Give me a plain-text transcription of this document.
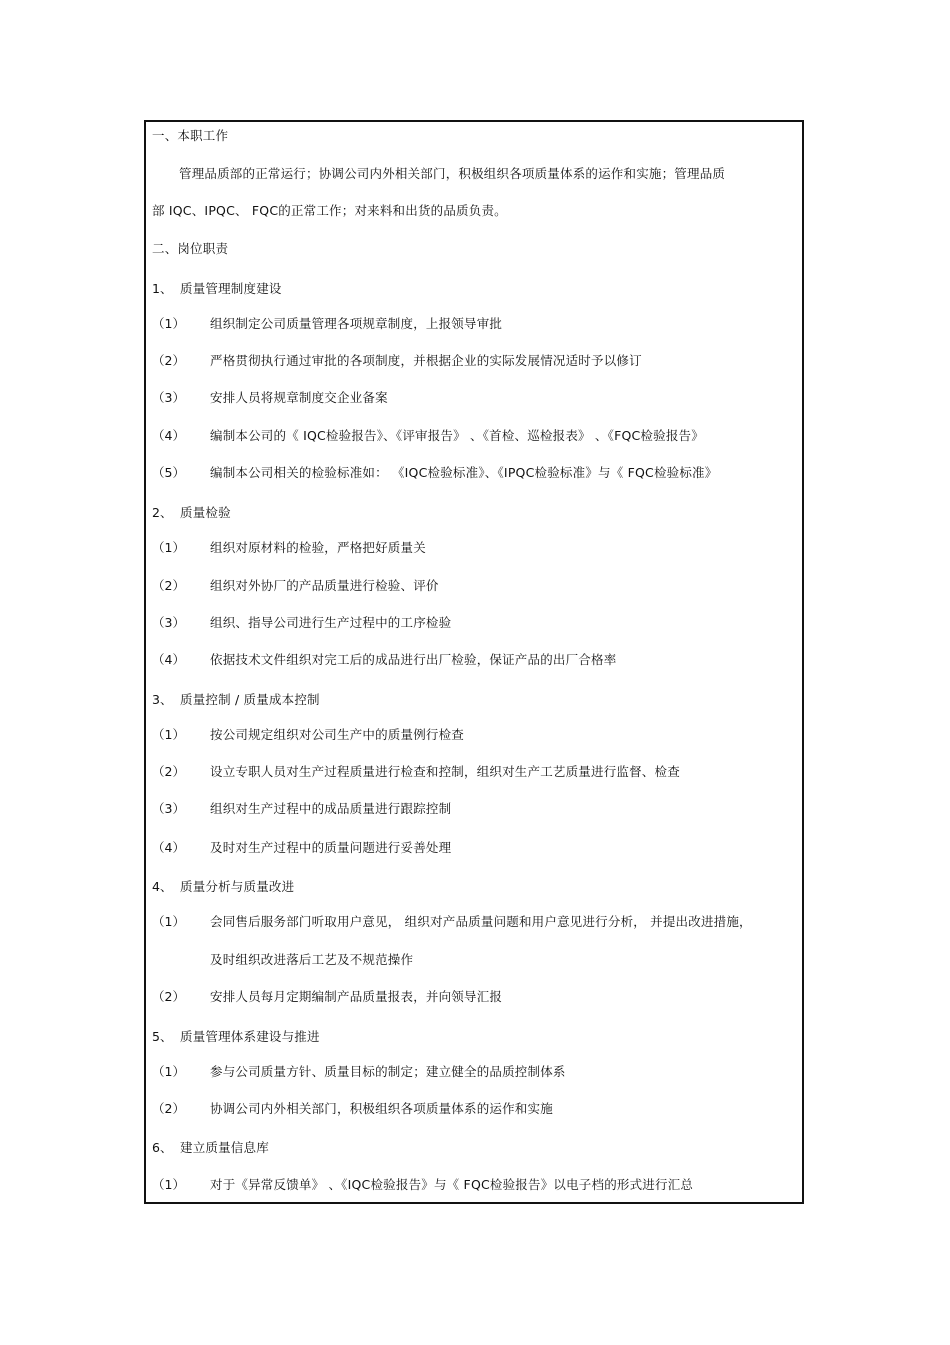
一、本职工作
管理品质部的正常运行；协调公司内外相关部门，积极组织各项质量体系的运作和实施；管理品质
部 IQC、IPQC、 FQC的正常工作；对来料和出货的品质负责。
二、岗位职责
1、 质量管理制度建设
（1） 组织制定公司质量管理各项规章制度，上报领导审批
（2） 严格贯彻执行通过审批的各项制度，并根据企业的实际发展情况适时予以修订
（3） 安排人员将规章制度交企业备案
（4） 编制本公司的《 IQC检验报告》、《评审报告》 、《首检、巡检报表》 、《FQC检验报告》
（5） 编制本公司相关的检验标准如： 《IQC检验标准》、《IPQC检验标准》与《 FQC检验标准》
2、 质量检验
（1） 组织对原材料的检验，严格把好质量关
（2） 组织对外协厂的产品质量进行检验、评价
（3） 组织、指导公司进行生产过程中的工序检验
（4） 依据技术文件组织对完工后的成品进行出厂检验，保证产品的出厂合格率
3、 质量控制 / 质量成本控制
（1） 按公司规定组织对公司生产中的质量例行检查
（2） 设立专职人员对生产过程质量进行检查和控制，组织对生产工艺质量进行监督、检查
（3） 组织对生产过程中的成品质量进行跟踪控制
（4） 及时对生产过程中的质量问题进行妥善处理
4、 质量分析与质量改进
（1） 会同售后服务部门听取用户意见， 组织对产品质量问题和用户意见进行分析， 并提出改进措施，
及时组织改进落后工艺及不规范操作
（2） 安排人员每月定期编制产品质量报表，并向领导汇报
5、 质量管理体系建设与推进
（1） 参与公司质量方针、质量目标的制定；建立健全的品质控制体系
（2） 协调公司内外相关部门，积极组织各项质量体系的运作和实施
6、 建立质量信息库
（1） 对于《异常反馈单》 、《IQC检验报告》与《 FQC检验报告》以电子档的形式进行汇总
